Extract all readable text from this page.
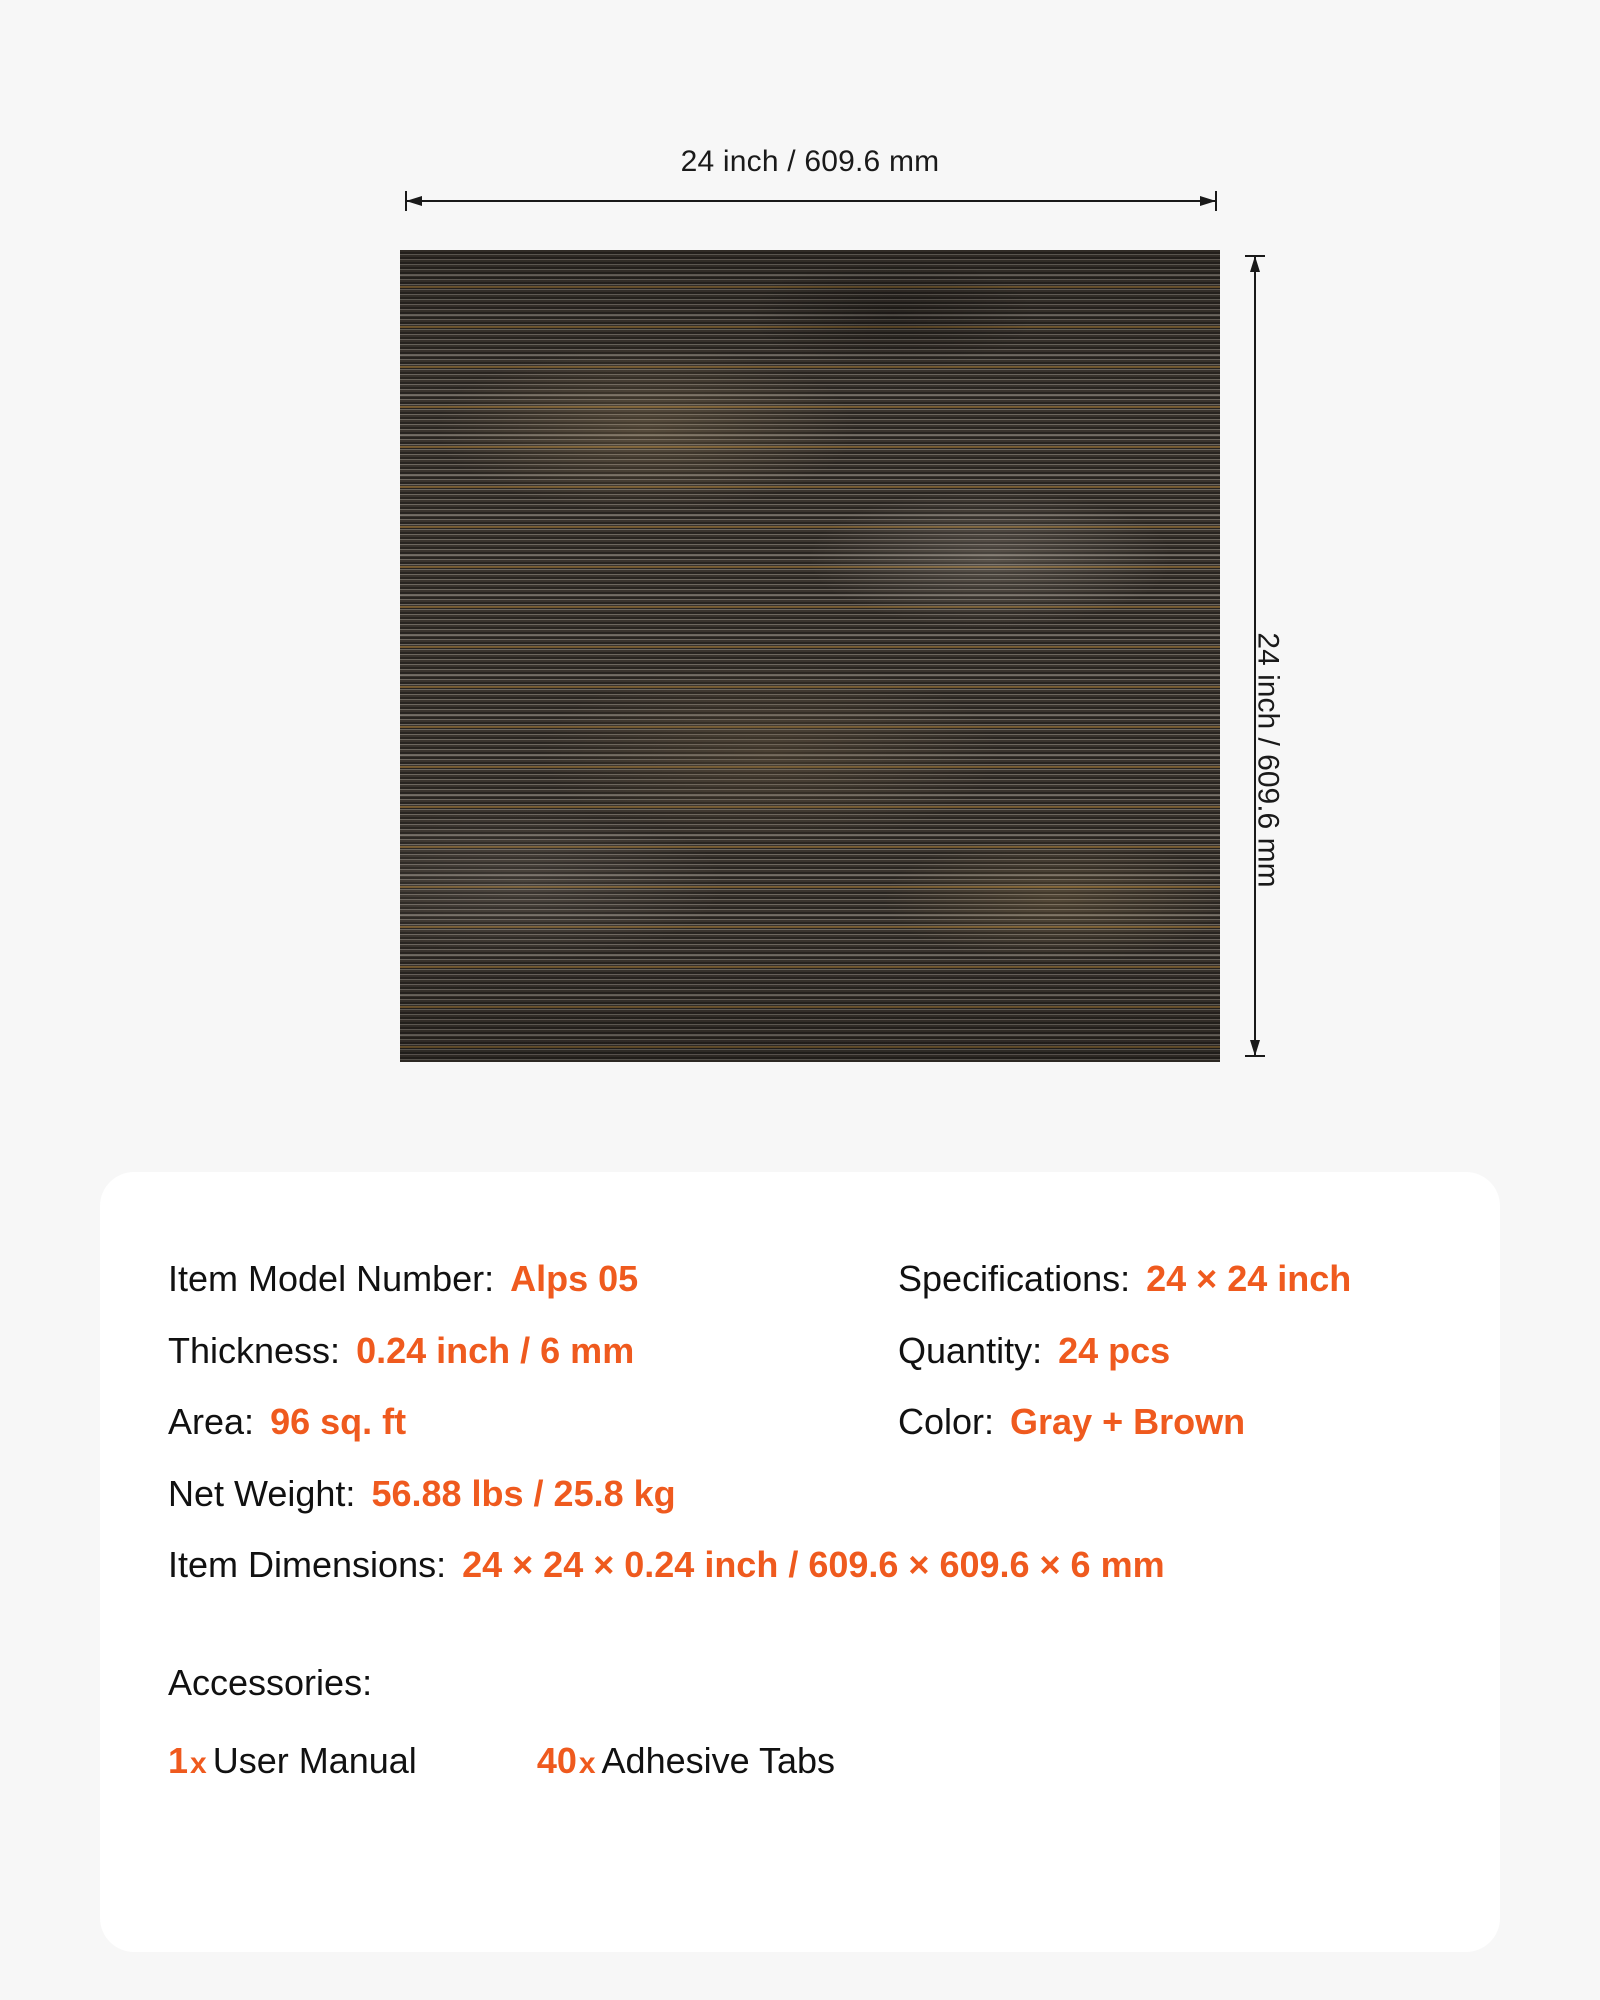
24 inch / 609.6 mm
24 inch / 609.6 mm
Item Model Number: Alps 05	Specifications: 24 × 24 inch
Thickness: 0.24 inch / 6 mm	Quantity: 24 pcs
Area: 96 sq. ft	Color: Gray + Brown
Net Weight: 56.88 lbs / 25.8 kg
Item Dimensions: 24 × 24 × 0.24 inch / 609.6 × 609.6 × 6 mm
Accessories:
1x User Manual	40x Adhesive Tabs
